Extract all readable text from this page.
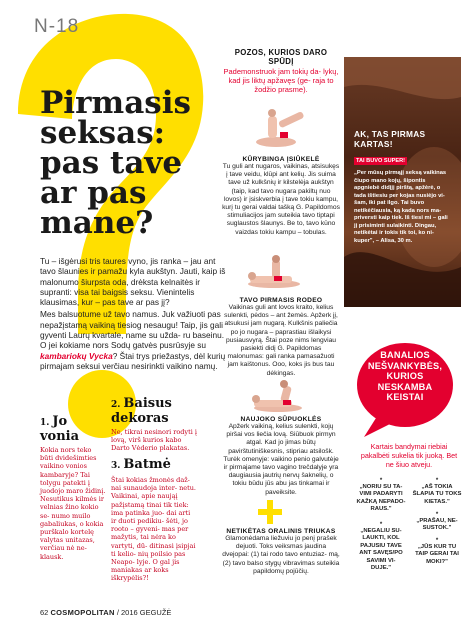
N-18
Pirmasis
seksas:
pas tave
ar pas
mane?

Tu – išgėrusi tris taures vyno, jis ranka – jau ant tavo šlaunies ir pamažu kyla aukštyn. Jauti, kaip iš malonumo šiurpsta oda, drėksta kelnaitės ir supranti: visa tai baigsis seksu. Vienintelis klausimas, kur – pas tave ar pas jį?

Mes balsuotume už tavo namus. Juk važiuoti pas nepažįstamą vaikiną tiesiog nesaugu! Taip, jis gali gyventi Laurų kvartale, name su užda- ru baseinu. O jei kokiame nors Sodų gatvės pusrūsyje su kambariokų Vycka? Štai trys priežastys, dėl kurių pirmajam seksui verčiau nesirinkti vaikino namų.

1. Jo vonia

Kokia nors teko būti dvidešimties vaikino vonios kambaryje? Tai tolygu patekti į juodojo maro židinį. Nesutikus kilmės ir velnias žino kokio se- numo muilo gabaliukas, o kokia purškalo kortelę valytas unitazas, verčiau nė ne- klausk.

2. Baisus dekoras

Ne, tikrai nesinori rodyti į lovą, virš kurios kabo Darto Vėderio plakatas.

3. Batmė

Štai kokias žmonės daž- nai sunaudoja inter- netu. Vaikinai, apie naująį pažįstamą tinai tik tiek: ima patinka juo- dai arti ir duoti pedikiu- šėti, jo rooto – gyveni- mas per mažytis, tai nėra ko vartyti, dū- ditinasi įsipjai ti kelio- nių poilsio pas Neapo- lyje. O gal jis maniakas ar koks iškrypėlis?!

62 COSMOPOLITAN / 2016 GEGUŽĖ
POZOS, KURIOS DARO SPŪDĮ
Pademonstruok jam tokių da- lykų, kad jis liktų apžavęs (ge- raja to žodžio prasme).
KŪRYBINGA ĮSIŪKELĖ
Tu guli ant nugaros, vaikinas, atsisukęs į tave veidu, klūpi ant kelių. Jis suima tave už kulkšnių ir kilstelėja aukštyn (taip, kad tavo nugara pakiltų nuo lovos) ir įsiskverbia į tave tokiu kampu, kurį tu gerai valdai tašką G. Papildomos stimuliacijos jam suteikia tavo tiptapi suglaustos šlaunys. Be to, tavo kūno vaizdas tokiu kampu – tobulas.
TAVO PIRMASIS RODEO
Vaikinas guli ant lovos kraito, kelius sulenkti, pėdos – ant žemės. Apžerk jį, atsukusi jam nugarą. Kulkšnis paliečia po jo nugara – paprastiau išlaikysi pusiausvyrą. Štai poze nims lengviau pasiekti didį G. Papildomas malonumas: gali ranka pamasažuoti jam kaištonus. Ooo, koks jis bus tau dėkingas.
NAUJOKO SŪPUOKLĖS
Apžerk vaikiną, kelius sulenkti, kojų piršai vos liečia lovą. Siūbuok pirmyn atgal. Kad jo jimas būtų pavirštutiniškesnis, stipriau atsilošk. Turėk omenyje: vaikino penio galvutėje ir pirmajame tavo vagino trečdalyje yra daugiausia jautrių nervų šaknelių, o tokiu būdu jūs abu jas tinkamai ir paveiksite.
NETIKĖTAS ORALINIS TRIUKAS
Glamonėdama liežuviu jo penį prašek dejuoti. Toks veiksmas jaudina dvejopai: (1) tai rodo tavo entuziaz- mą, (2) tavo balso stygų vibravimas suteikia papildomų pojūčių.
AK, TAS PIRMAS KARTAS!
TAI BUVO SUPER!
„Per mūsų pirmąjį seksą vaikinas čiupo mano kojų, šipontis apgniebė didįjį pirštą, apžėrė, o tada ištiesiu per kojas nusiėjo vi- šam, iki pat ilgo. Tai buvo netikėčiausia, ką kada nors ma- priversti kaip tiek. Iš tiesi mi – gali jį prisiminti sulaikinti. Dingau, netikėtai ir tokis tik toi, ko ni- kuper", – Alisa, 30 m.
BANALIOS NEŠVANKYBĖS, KURIOS NESKAMBA KEISTAI
Kartais bandymai riebiai pakalbėti sukelia tik juoką. Bet ne šiuo atveju.
* „NORIU SU TA- VIMI PADARYTI KAŽKĄ NEPADO- RAUS."
* „AŠ TOKIA ŠLAPIA TU TOKS KIETAS."
* „NEGALIU SU- LAUKTI, KOL PAJUSIU TAVE ANT SAVĘS/PO SAVIMI VI- DUJE."
* „PRAŠAU, NE- SUSTOK."
* „JŪS KUR TU TAIP GERAI TAI MOKI?"
